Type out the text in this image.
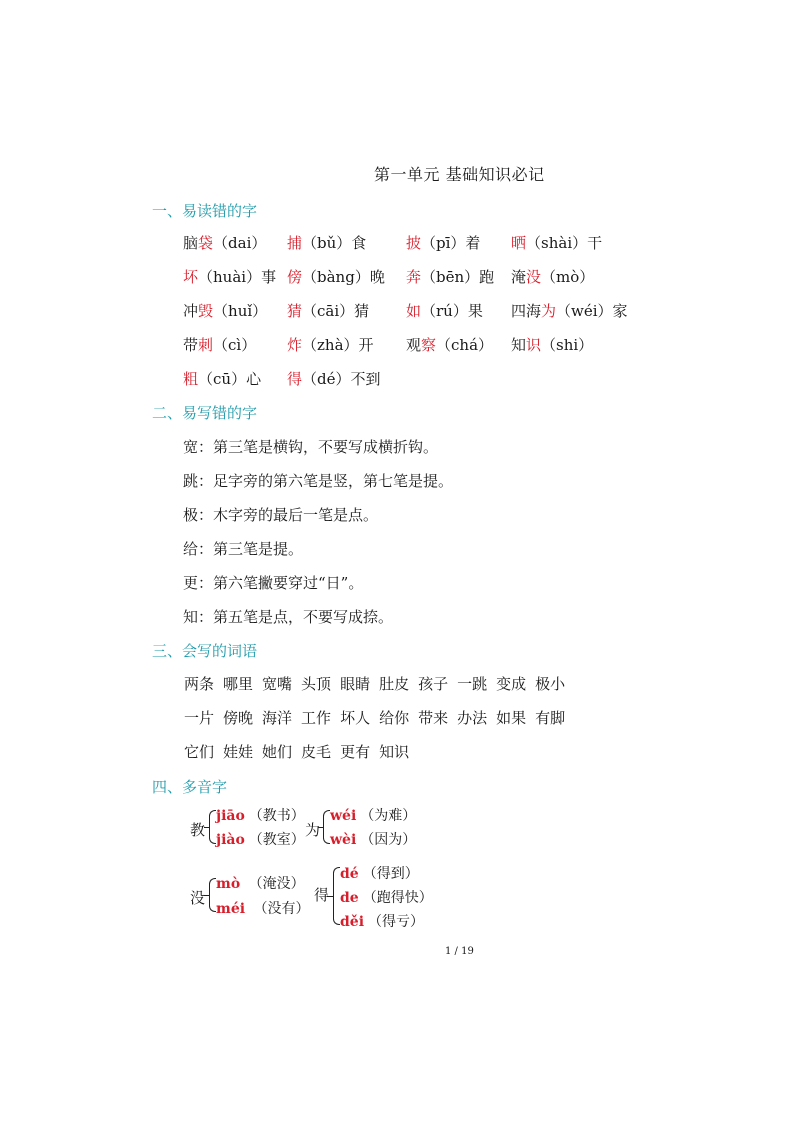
第一单元 基础知识必记
一、易读错的字
脑袋（dai） 捕（bǔ）食	披（pī）着 晒（shài）干
坏（huài）事 傍（bàng）晚 奔（bēn）跑 淹没（mò）
冲毁（huǐ） 猜（cāi）猜 如（rú）果 四海为（wéi）家
带刺（cì） 炸（zhà）开 观察（chá） 知识（shi）
粗（cū）心 得（dé）不到
二、易写错的字
宽：第三笔是横钩，不要写成横折钩。
跳：足字旁的第六笔是竖，第七笔是提。
极：木字旁的最后一笔是点。
给：第三笔是提。
更：第六笔撇要穿过“日”。
知：第五笔是点，不要写成捺。
三、会写的词语
两条 哪里 宽嘴 头顶 眼睛 肚皮 孩子 一跳 变成 极小
一片 傍晚 海洋 工作 坏人 给你 带来 办法 如果 有脚
它们 娃娃 她们 皮毛 更有 知识
四、多音字
教
jiāo （教书）
jiào （教室）
为
wéi （为难）
wèi （因为）
没
mò （淹没）
méi （没有）
得
dé （得到）
de （跑得快）
děi （得亏）
1 / 19
